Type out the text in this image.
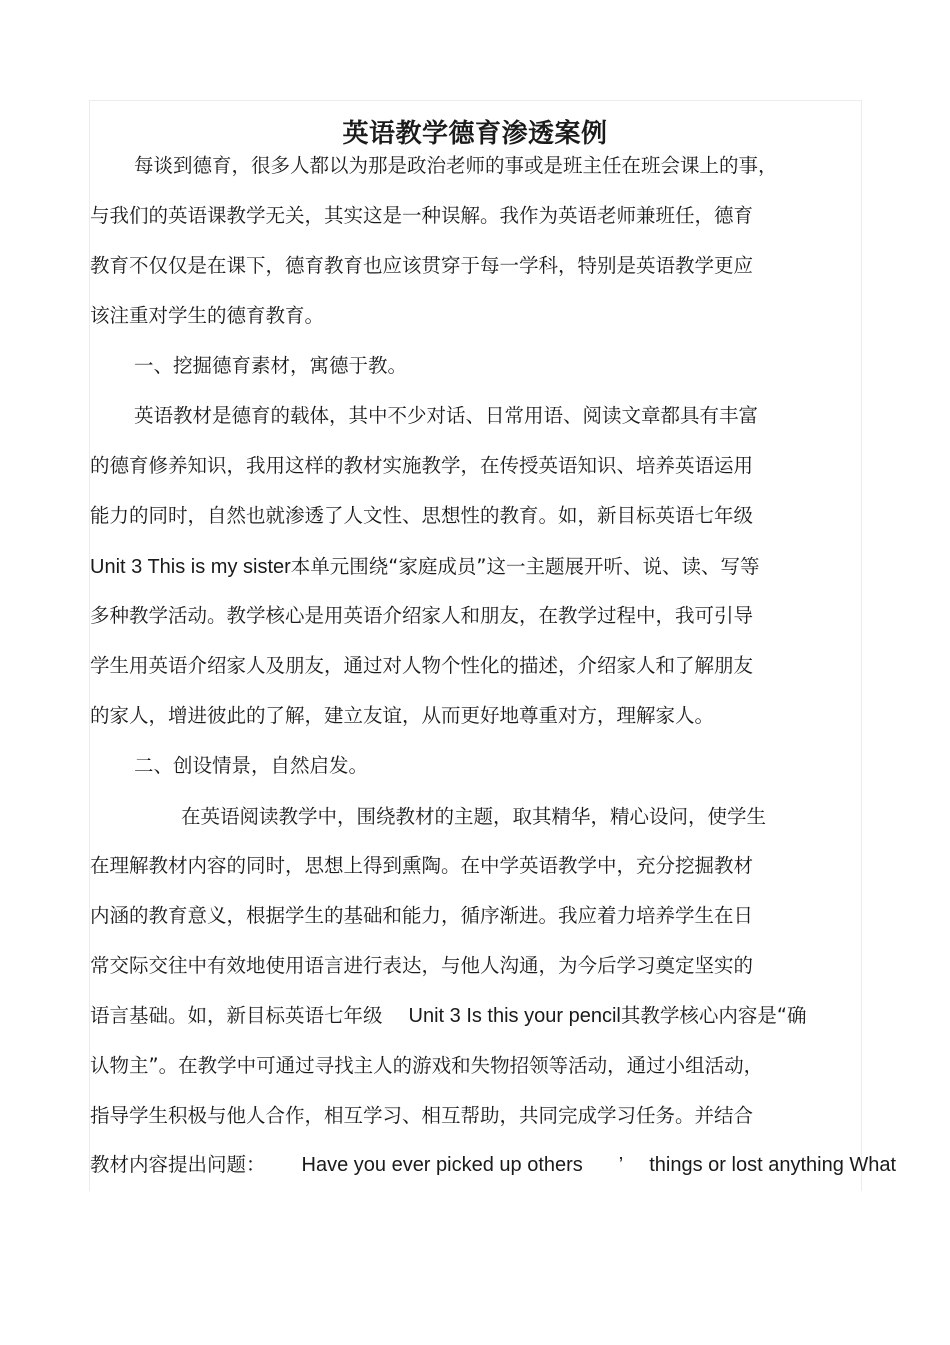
英语教学德育渗透案例
每谈到德育，很多人都以为那是政治老师的事或是班主任在班会课上的事，
与我们的英语课教学无关，其实这是一种误解。我作为英语老师兼班任，德育
教育不仅仅是在课下，德育教育也应该贯穿于每一学科，特别是英语教学更应
该注重对学生的德育教育。
一、挖掘德育素材，寓德于教。
英语教材是德育的载体，其中不少对话、日常用语、阅读文章都具有丰富
的德育修养知识，我用这样的教材实施教学，在传授英语知识、培养英语运用
能力的同时，自然也就渗透了人文性、思想性的教育。如，新目标英语七年级
Unit 3 This is my sister本单元围绕“家庭成员”这一主题展开听、说、读、写等
多种教学活动。教学核心是用英语介绍家人和朋友，在教学过程中，我可引导
学生用英语介绍家人及朋友，通过对人物个性化的描述，介绍家人和了解朋友
的家人，增进彼此的了解，建立友谊，从而更好地尊重对方，理解家人。
二、创设情景，自然启发。
在英语阅读教学中，围绕教材的主题，取其精华，精心设问，使学生
在理解教材内容的同时，思想上得到熏陶。在中学英语教学中，充分挖掘教材
内涵的教育意义，根据学生的基础和能力，循序渐进。我应着力培养学生在日
常交际交往中有效地使用语言进行表达，与他人沟通，为今后学习奠定坚实的
语言基础。如，新目标英语七年级 Unit 3 Is this your pencil其教学核心内容是“确
认物主”。在教学中可通过寻找主人的游戏和失物招领等活动，通过小组活动，
指导学生积极与他人合作，相互学习、相互帮助，共同完成学习任务。并结合
教材内容提出问题： Have you ever picked up others ’ things or lost anything What
